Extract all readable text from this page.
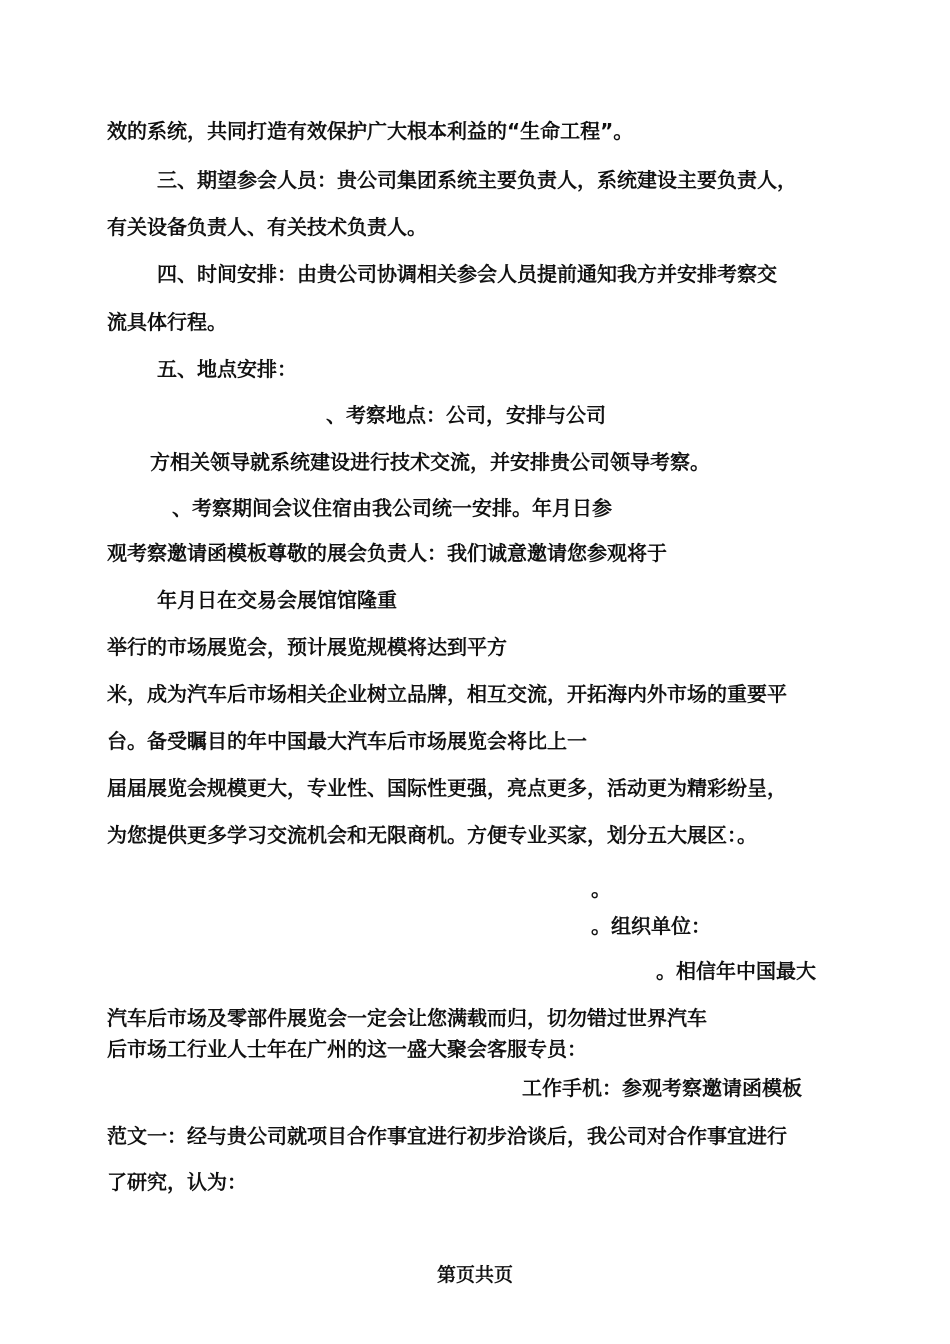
效的系统，共同打造有效保护广大根本利益的“生命工程”。
三、期望参会人员：贵公司集团系统主要负责人，系统建设主要负责人，
有关设备负责人、有关技术负责人。
四、时间安排：由贵公司协调相关参会人员提前通知我方并安排考察交
流具体行程。
五、地点安排：
、考察地点：公司，安排与公司
方相关领导就系统建设进行技术交流，并安排贵公司领导考察。
、考察期间会议住宿由我公司统一安排。年月日参
观考察邀请函模板尊敬的展会负责人：我们诚意邀请您参观将于
年月日在交易会展馆馆隆重
举行的市场展览会，预计展览规模将达到平方
米，成为汽车后市场相关企业树立品牌，相互交流，开拓海内外市场的重要平
台。备受瞩目的年中国最大汽车后市场展览会将比上一
届届展览会规模更大，专业性、国际性更强，亮点更多，活动更为精彩纷呈，
为您提供更多学习交流机会和无限商机。方便专业买家，划分五大展区：。
。
。组织单位：
。相信年中国最大
汽车后市场及零部件展览会一定会让您满载而归，切勿错过世界汽车
后市场工行业人士年在广州的这一盛大聚会客服专员：
工作手机：参观考察邀请函模板
范文一：经与贵公司就项目合作事宜进行初步洽谈后，我公司对合作事宜进行
了研究，认为：
第页共页
